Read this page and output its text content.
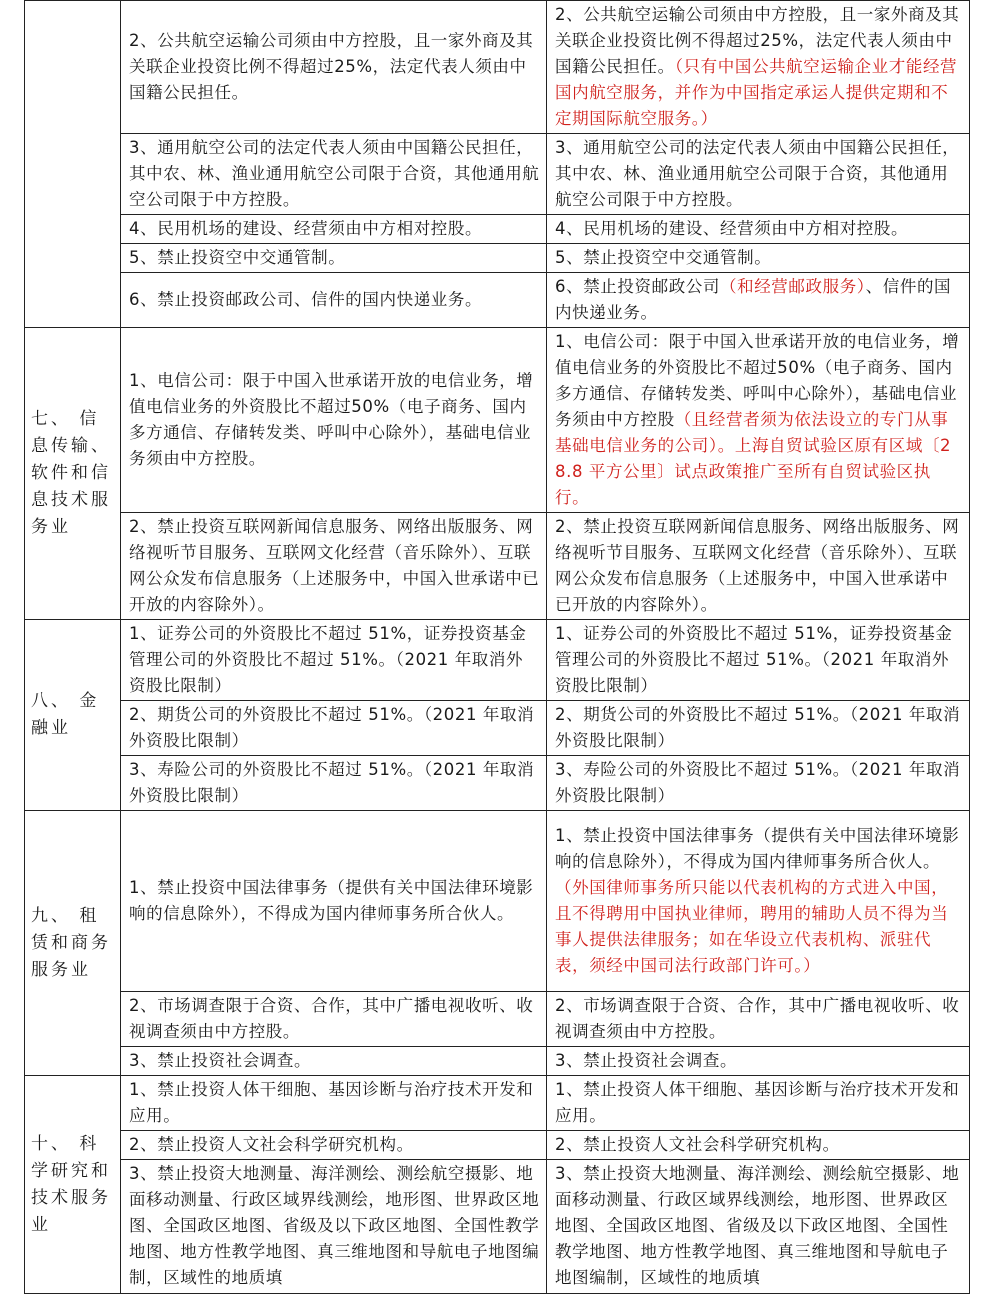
	2、公共航空运输公司须由中方控股，且一家外商及其关联企业投资比例不得超过25%，法定代表人须由中国籍公民担任。	2、公共航空运输公司须由中方控股，且一家外商及其关联企业投资比例不得超过25%，法定代表人须由中国籍公民担任。（只有中国公共航空运输企业才能经营国内航空服务，并作为中国指定承运人提供定期和不定期国际航空服务。）
	3、通用航空公司的法定代表人须由中国籍公民担任，其中农、林、渔业通用航空公司限于合资，其他通用航空公司限于中方控股。	3、通用航空公司的法定代表人须由中国籍公民担任，其中农、林、渔业通用航空公司限于合资，其他通用航空公司限于中方控股。
	4、民用机场的建设、经营须由中方相对控股。	4、民用机场的建设、经营须由中方相对控股。
	5、禁止投资空中交通管制。	5、禁止投资空中交通管制。
	6、禁止投资邮政公司、信件的国内快递业务。	6、禁止投资邮政公司（和经营邮政服务）、信件的国内快递业务。
七、 信息传输、软件和信息技术服务业	1、电信公司：限于中国入世承诺开放的电信业务，增值电信业务的外资股比不超过50%（电子商务、国内多方通信、存储转发类、呼叫中心除外），基础电信业务须由中方控股。	1、电信公司：限于中国入世承诺开放的电信业务，增值电信业务的外资股比不超过50%（电子商务、国内多方通信、存储转发类、呼叫中心除外），基础电信业务须由中方控股（且经营者须为依法设立的专门从事基础电信业务的公司）。上海自贸试验区原有区域〔28.8 平方公里〕试点政策推广至所有自贸试验区执行。
	2、禁止投资互联网新闻信息服务、网络出版服务、网络视听节目服务、互联网文化经营（音乐除外）、互联网公众发布信息服务（上述服务中，中国入世承诺中已开放的内容除外）。	2、禁止投资互联网新闻信息服务、网络出版服务、网络视听节目服务、互联网文化经营（音乐除外）、互联网公众发布信息服务（上述服务中，中国入世承诺中已开放的内容除外）。
八、 金融业	1、证券公司的外资股比不超过 51%，证券投资基金管理公司的外资股比不超过 51%。（2021 年取消外资股比限制）	1、证券公司的外资股比不超过 51%，证券投资基金管理公司的外资股比不超过 51%。（2021 年取消外资股比限制）
	2、期货公司的外资股比不超过 51%。（2021 年取消外资股比限制）	2、期货公司的外资股比不超过 51%。（2021 年取消外资股比限制）
	3、寿险公司的外资股比不超过 51%。（2021 年取消外资股比限制）	3、寿险公司的外资股比不超过 51%。（2021 年取消外资股比限制）
九、 租赁和商务服务业	1、禁止投资中国法律事务（提供有关中国法律环境影响的信息除外），不得成为国内律师事务所合伙人。	1、禁止投资中国法律事务（提供有关中国法律环境影响的信息除外），不得成为国内律师事务所合伙人。（外国律师事务所只能以代表机构的方式进入中国，且不得聘用中国执业律师，聘用的辅助人员不得为当事人提供法律服务；如在华设立代表机构、派驻代表，须经中国司法行政部门许可。）
	2、市场调查限于合资、合作，其中广播电视收听、收视调查须由中方控股。	2、市场调查限于合资、合作，其中广播电视收听、收视调查须由中方控股。
	3、禁止投资社会调查。	3、禁止投资社会调查。
十、 科学研究和技术服务业	1、禁止投资人体干细胞、基因诊断与治疗技术开发和应用。	1、禁止投资人体干细胞、基因诊断与治疗技术开发和应用。
	2、禁止投资人文社会科学研究机构。	2、禁止投资人文社会科学研究机构。
	3、禁止投资大地测量、海洋测绘、测绘航空摄影、地面移动测量、行政区域界线测绘，地形图、世界政区地图、全国政区地图、省级及以下政区地图、全国性教学地图、地方性教学地图、真三维地图和导航电子地图编制，区域性的地质填	3、禁止投资大地测量、海洋测绘、测绘航空摄影、地面移动测量、行政区域界线测绘，地形图、世界政区地图、全国政区地图、省级及以下政区地图、全国性教学地图、地方性教学地图、真三维地图和导航电子地图编制，区域性的地质填
